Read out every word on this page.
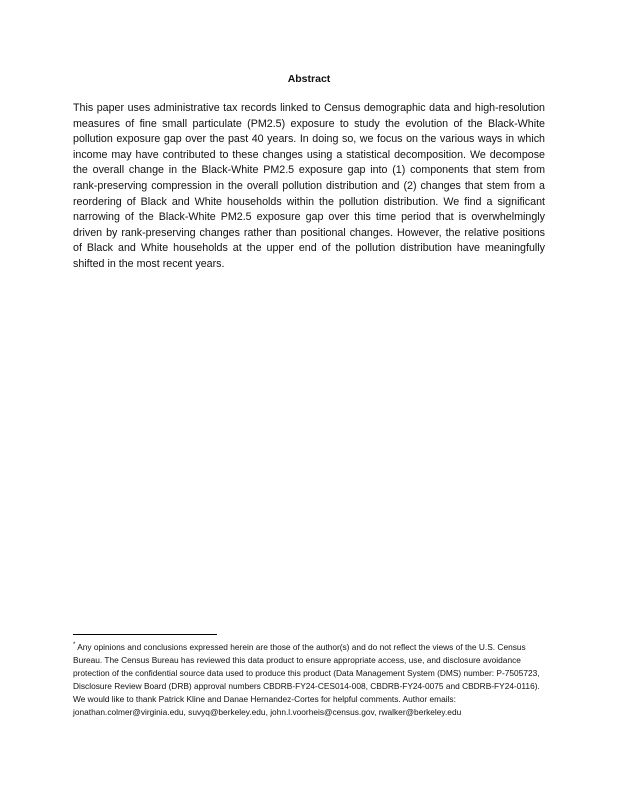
Abstract

This paper uses administrative tax records linked to Census demographic data and high-resolution measures of fine small particulate (PM2.5) exposure to study the evolution of the Black-White pollution exposure gap over the past 40 years. In doing so, we focus on the various ways in which income may have contributed to these changes using a statistical decomposition. We decompose the overall change in the Black-White PM2.5 exposure gap into (1) components that stem from rank-preserving compression in the overall pollution distribution and (2) changes that stem from a reordering of Black and White households within the pollution distribution. We find a significant narrowing of the Black-White PM2.5 exposure gap over this time period that is overwhelmingly driven by rank-preserving changes rather than positional changes. However, the relative positions of Black and White households at the upper end of the pollution distribution have meaningfully shifted in the most recent years.

* Any opinions and conclusions expressed herein are those of the author(s) and do not reflect the views of the U.S. Census Bureau. The Census Bureau has reviewed this data product to ensure appropriate access, use, and disclosure avoidance protection of the confidential source data used to produce this product (Data Management System (DMS) number: P-7505723, Disclosure Review Board (DRB) approval numbers CBDRB-FY24-CES014-008, CBDRB-FY24-0075 and CBDRB-FY24-0116). We would like to thank Patrick Kline and Danae Hernandez-Cortes for helpful comments. Author emails: jonathan.colmer@virginia.edu, suvyq@berkeley.edu, john.l.voorheis@census.gov, rwalker@berkeley.edu
